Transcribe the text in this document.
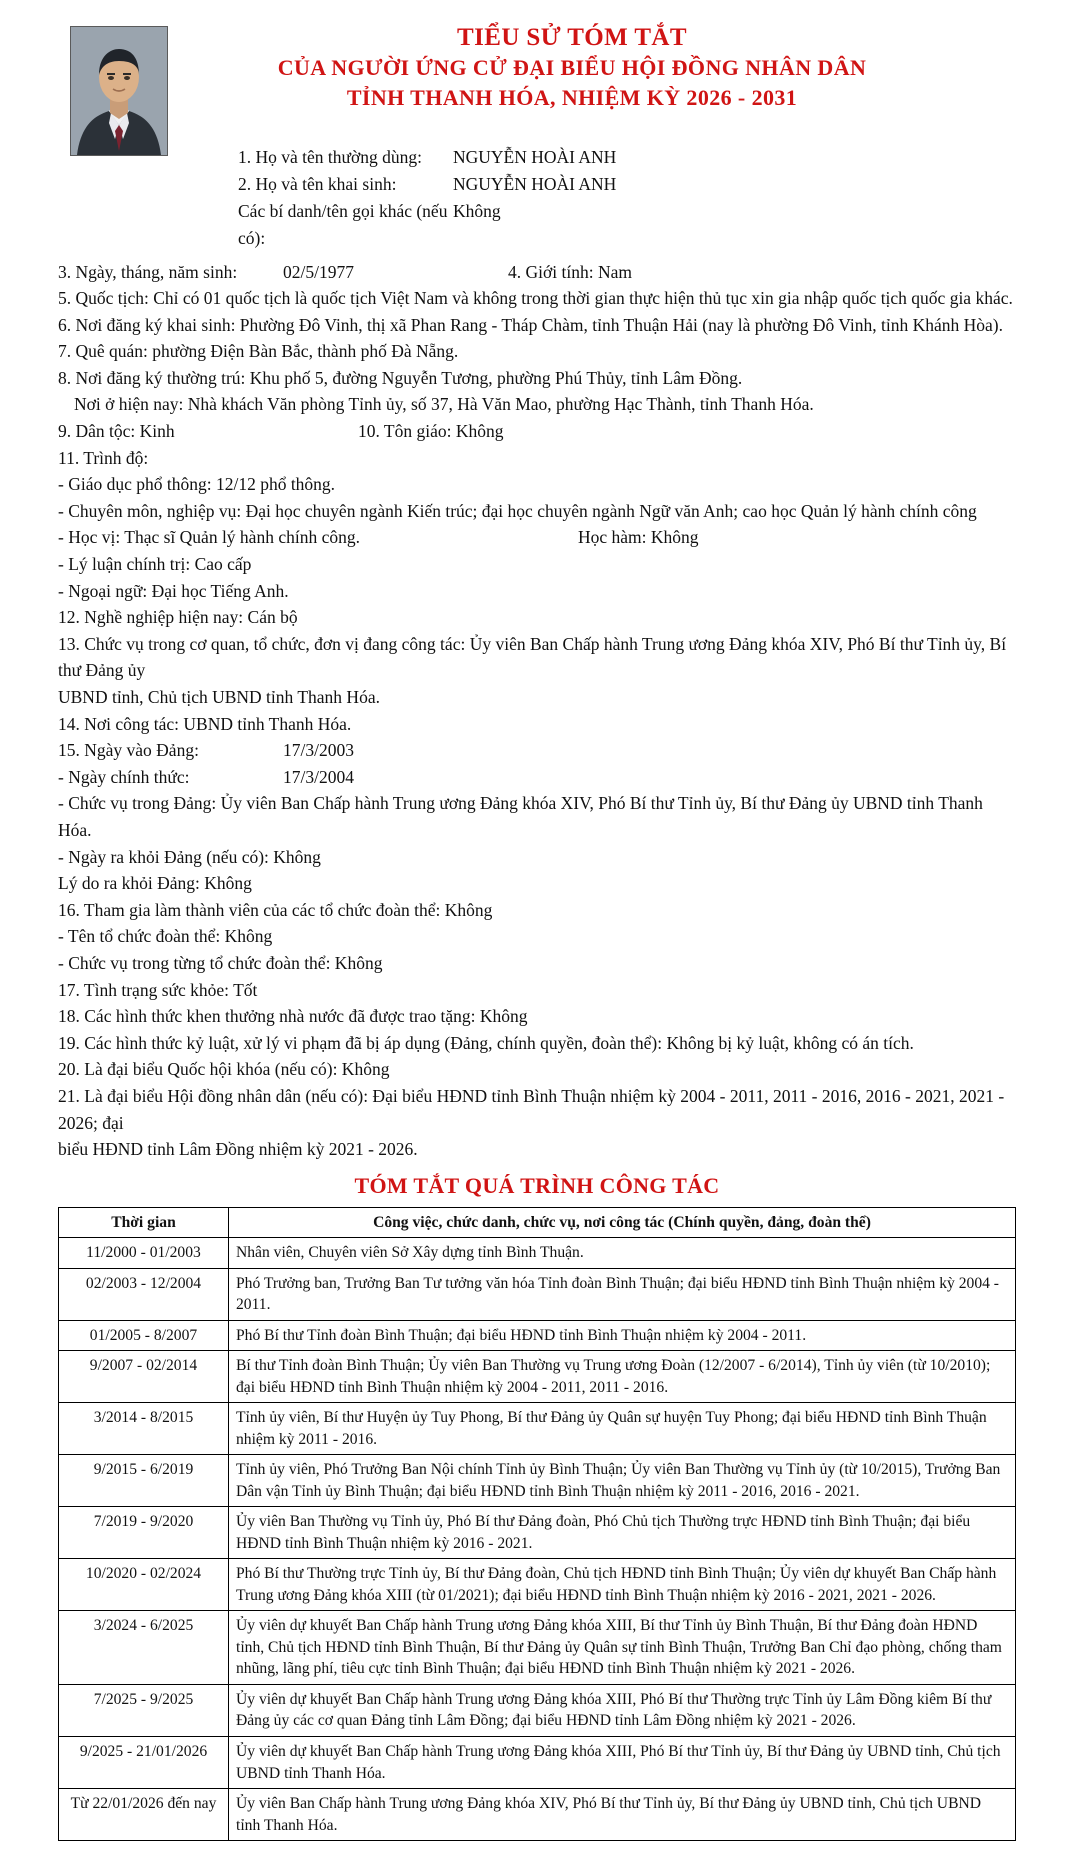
TIỂU SỬ TÓM TẮT
CỦA NGƯỜI ỨNG CỬ ĐẠI BIỂU HỘI ĐỒNG NHÂN DÂN
TỈNH THANH HÓA, NHIỆM KỲ 2026 - 2031
1. Họ và tên thường dùng:	NGUYỄN HOÀI ANH
2. Họ và tên khai sinh:	NGUYỄN HOÀI ANH
Các bí danh/tên gọi khác (nếu có):
Không
3. Ngày, tháng, năm sinh:	02/5/1977	4. Giới tính: Nam
5. Quốc tịch: Chỉ có 01 quốc tịch là quốc tịch Việt Nam và không trong thời gian thực hiện thủ tục xin gia nhập quốc tịch quốc gia khác.
6. Nơi đăng ký khai sinh: Phường Đô Vinh, thị xã Phan Rang - Tháp Chàm, tỉnh Thuận Hải (nay là phường Đô Vinh, tỉnh Khánh Hòa).
7. Quê quán: phường Điện Bàn Bắc, thành phố Đà Nẵng.
8. Nơi đăng ký thường trú: Khu phố 5, đường Nguyễn Tương, phường Phú Thủy, tỉnh Lâm Đồng.
Nơi ở hiện nay: Nhà khách Văn phòng Tỉnh ủy, số 37, Hà Văn Mao, phường Hạc Thành, tỉnh Thanh Hóa.
9. Dân tộc: Kinh	10. Tôn giáo: Không
11. Trình độ:
- Giáo dục phổ thông: 12/12 phổ thông.
- Chuyên môn, nghiệp vụ: Đại học chuyên ngành Kiến trúc; đại học chuyên ngành Ngữ văn Anh; cao học Quản lý hành chính công
- Học vị: Thạc sĩ Quản lý hành chính công.	Học hàm: Không
- Lý luận chính trị: Cao cấp
- Ngoại ngữ: Đại học Tiếng Anh.
12. Nghề nghiệp hiện nay: Cán bộ
13. Chức vụ trong cơ quan, tổ chức, đơn vị đang công tác: Ủy viên Ban Chấp hành Trung ương Đảng khóa XIV, Phó Bí thư Tỉnh ủy, Bí thư Đảng ủy
UBND tỉnh, Chủ tịch UBND tỉnh Thanh Hóa.
14. Nơi công tác: UBND tỉnh Thanh Hóa.
15. Ngày vào Đảng:	17/3/2003
- Ngày chính thức:	17/3/2004
- Chức vụ trong Đảng: Ủy viên Ban Chấp hành Trung ương Đảng khóa XIV, Phó Bí thư Tỉnh ủy, Bí thư Đảng ủy UBND tỉnh Thanh Hóa.
- Ngày ra khỏi Đảng (nếu có): Không
Lý do ra khỏi Đảng: Không
16. Tham gia làm thành viên của các tổ chức đoàn thể: Không
- Tên tổ chức đoàn thể: Không
- Chức vụ trong từng tổ chức đoàn thể: Không
17. Tình trạng sức khỏe: Tốt
18. Các hình thức khen thưởng nhà nước đã được trao tặng: Không
19. Các hình thức kỷ luật, xử lý vi phạm đã bị áp dụng (Đảng, chính quyền, đoàn thể): Không bị kỷ luật, không có án tích.
20. Là đại biểu Quốc hội khóa (nếu có): Không
21. Là đại biểu Hội đồng nhân dân (nếu có): Đại biểu HĐND tỉnh Bình Thuận nhiệm kỳ 2004 - 2011, 2011 - 2016, 2016 - 2021, 2021 - 2026; đại
biểu HĐND tỉnh Lâm Đồng nhiệm kỳ 2021 - 2026.
TÓM TẮT QUÁ TRÌNH CÔNG TÁC
Thời gian	Công việc, chức danh, chức vụ, nơi công tác (Chính quyền, đảng, đoàn thể)
11/2000 - 01/2003	Nhân viên, Chuyên viên Sở Xây dựng tỉnh Bình Thuận.
02/2003 - 12/2004	Phó Trưởng ban, Trưởng Ban Tư tưởng văn hóa Tỉnh đoàn Bình Thuận; đại biểu HĐND tỉnh Bình Thuận nhiệm kỳ 2004 - 2011.
01/2005 - 8/2007	Phó Bí thư Tỉnh đoàn Bình Thuận; đại biểu HĐND tỉnh Bình Thuận nhiệm kỳ 2004 - 2011.
9/2007 - 02/2014	Bí thư Tỉnh đoàn Bình Thuận; Ủy viên Ban Thường vụ Trung ương Đoàn (12/2007 - 6/2014), Tỉnh ủy viên (từ 10/2010); đại biểu HĐND tỉnh Bình Thuận nhiệm kỳ 2004 - 2011, 2011 - 2016.
3/2014 - 8/2015	Tỉnh ủy viên, Bí thư Huyện ủy Tuy Phong, Bí thư Đảng ủy Quân sự huyện Tuy Phong; đại biểu HĐND tỉnh Bình Thuận nhiệm kỳ 2011 - 2016.
9/2015 - 6/2019	Tỉnh ủy viên, Phó Trưởng Ban Nội chính Tỉnh ủy Bình Thuận; Ủy viên Ban Thường vụ Tỉnh ủy (từ 10/2015), Trưởng Ban Dân vận Tỉnh ủy Bình Thuận; đại biểu HĐND tỉnh Bình Thuận nhiệm kỳ 2011 - 2016, 2016 - 2021.
7/2019 - 9/2020	Ủy viên Ban Thường vụ Tỉnh ủy, Phó Bí thư Đảng đoàn, Phó Chủ tịch Thường trực HĐND tỉnh Bình Thuận; đại biểu HĐND tỉnh Bình Thuận nhiệm kỳ 2016 - 2021.
10/2020 - 02/2024	Phó Bí thư Thường trực Tỉnh ủy, Bí thư Đảng đoàn, Chủ tịch HĐND tỉnh Bình Thuận; Ủy viên dự khuyết Ban Chấp hành Trung ương Đảng khóa XIII (từ 01/2021); đại biểu HĐND tỉnh Bình Thuận nhiệm kỳ 2016 - 2021, 2021 - 2026.
3/2024 - 6/2025	Ủy viên dự khuyết Ban Chấp hành Trung ương Đảng khóa XIII, Bí thư Tỉnh ủy Bình Thuận, Bí thư Đảng đoàn HĐND tỉnh, Chủ tịch HĐND tỉnh Bình Thuận, Bí thư Đảng ủy Quân sự tỉnh Bình Thuận, Trưởng Ban Chỉ đạo phòng, chống tham nhũng, lãng phí, tiêu cực tỉnh Bình Thuận; đại biểu HĐND tỉnh Bình Thuận nhiệm kỳ 2021 - 2026.
7/2025 - 9/2025	Ủy viên dự khuyết Ban Chấp hành Trung ương Đảng khóa XIII, Phó Bí thư Thường trực Tỉnh ủy Lâm Đồng kiêm Bí thư Đảng ủy các cơ quan Đảng tỉnh Lâm Đồng; đại biểu HĐND tỉnh Lâm Đồng nhiệm kỳ 2021 - 2026.
9/2025 - 21/01/2026	Ủy viên dự khuyết Ban Chấp hành Trung ương Đảng khóa XIII, Phó Bí thư Tỉnh ủy, Bí thư Đảng ủy UBND tỉnh, Chủ tịch UBND tỉnh Thanh Hóa.
Từ 22/01/2026 đến nay	Ủy viên Ban Chấp hành Trung ương Đảng khóa XIV, Phó Bí thư Tỉnh ủy, Bí thư Đảng ủy UBND tỉnh, Chủ tịch UBND tỉnh Thanh Hóa.
